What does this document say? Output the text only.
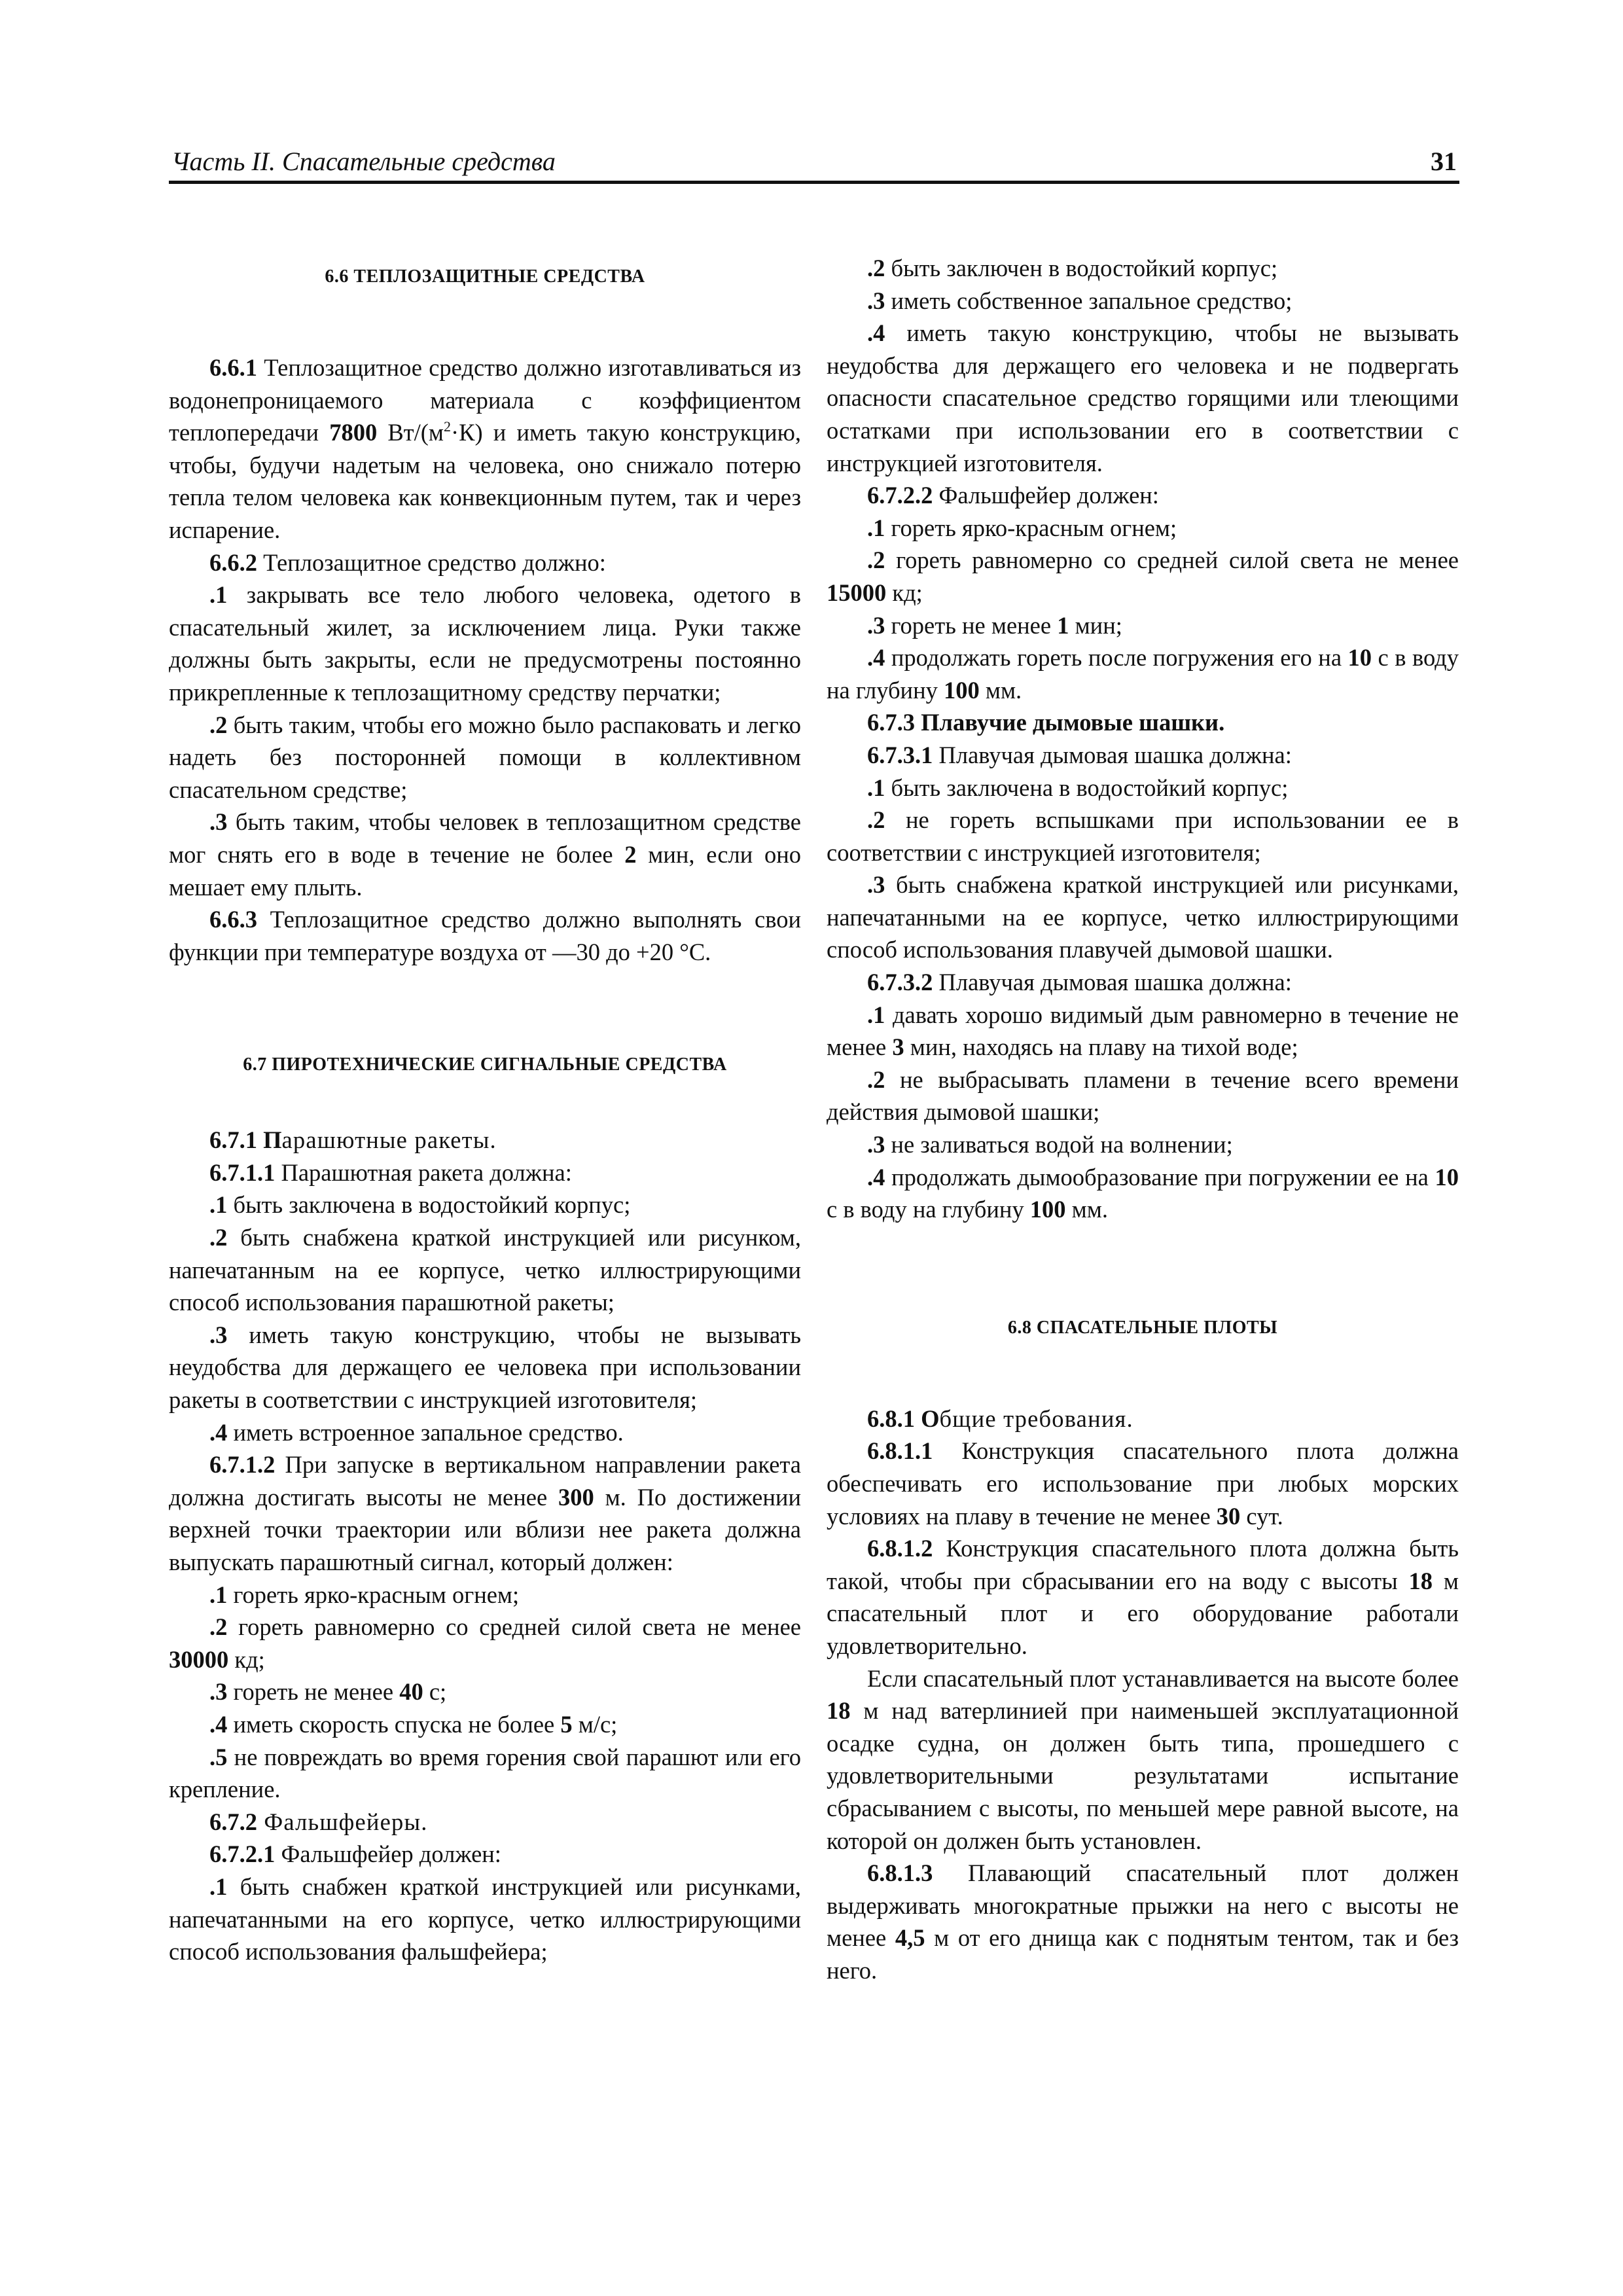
Часть II. Спасательные средства	31
6.6 ТЕПЛОЗАЩИТНЫЕ СРЕДСТВА

6.6.1 Теплозащитное средство должно изготавливаться из водонепроницаемого материала с коэффициентом теплопередачи 7800 $Вт/(м^2\cdot К)$ и иметь такую конструкцию, чтобы, будучи надетым на человека, оно снижало потерю тепла телом человека как конвекционным путем, так и через испарение.

6.6.2 Теплозащитное средство должно:

.1 закрывать все тело любого человека, одетого в спасательный жилет, за исключением лица. Руки также должны быть закрыты, если не предусмотрены постоянно прикрепленные к теплозащитному средству перчатки;

.2 быть таким, чтобы его можно было распаковать и легко надеть без посторонней помощи в коллективном спасательном средстве;

.3 быть таким, чтобы человек в теплозащитном средстве мог снять его в воде в течение не более 2 мин, если оно мешает ему плыть.

6.6.3 Теплозащитное средство должно выполнять свои функции при температуре воздуха от —30 до +20 °С.

6.7 ПИРОТЕХНИЧЕСКИЕ СИГНАЛЬНЫЕ СРЕДСТВА

6.7.1 Парашютные ракеты.

6.7.1.1 Парашютная ракета должна:

.1 быть заключена в водостойкий корпус;

.2 быть снабжена краткой инструкцией или рисунком, напечатанным на ее корпусе, четко иллюстрирующими способ использования парашютной ракеты;

.3 иметь такую конструкцию, чтобы не вызывать неудобства для держащего ее человека при использовании ракеты в соответствии с инструкцией изготовителя;

.4 иметь встроенное запальное средство.

6.7.1.2 При запуске в вертикальном направлении ракета должна достигать высоты не менее 300 м. По достижении верхней точки траектории или вблизи нее ракета должна выпускать парашютный сигнал, который должен:

.1 гореть ярко-красным огнем;

.2 гореть равномерно со средней силой света не менее 30000 кд;

.3 гореть не менее 40 с;

.4 иметь скорость спуска не более 5 м/с;

.5 не повреждать во время горения свой парашют или его крепление.

6.7.2 Фальшфейеры.

6.7.2.1 Фальшфейер должен:

.1 быть снабжен краткой инструкцией или рисунками, напечатанными на его корпусе, четко иллюстрирующими способ использования фальшфейера;

.2 быть заключен в водостойкий корпус;

.3 иметь собственное запальное средство;

.4 иметь такую конструкцию, чтобы не вызывать неудобства для держащего его человека и не подвергать опасности спасательное средство горящими или тлеющими остатками при использовании его в соответствии с инструкцией изготовителя.

6.7.2.2 Фальшфейер должен:

.1 гореть ярко-красным огнем;

.2 гореть равномерно со средней силой света не менее 15000 кд;

.3 гореть не менее 1 мин;

.4 продолжать гореть после погружения его на 10 с в воду на глубину 100 мм.

6.7.3 Плавучие дымовые шашки.

6.7.3.1 Плавучая дымовая шашка должна:

.1 быть заключена в водостойкий корпус;

.2 не гореть вспышками при использовании ее в соответствии с инструкцией изготовителя;

.3 быть снабжена краткой инструкцией или рисунками, напечатанными на ее корпусе, четко иллюстрирующими способ использования плавучей дымовой шашки.

6.7.3.2 Плавучая дымовая шашка должна:

.1 давать хорошо видимый дым равномерно в течение не менее 3 мин, находясь на плаву на тихой воде;

.2 не выбрасывать пламени в течение всего времени действия дымовой шашки;

.3 не заливаться водой на волнении;

.4 продолжать дымообразование при погружении ее на 10 с в воду на глубину 100 мм.

6.8 СПАСАТЕЛЬНЫЕ ПЛОТЫ

6.8.1 Общие требования.

6.8.1.1 Конструкция спасательного плота должна обеспечивать его использование при любых морских условиях на плаву в течение не менее 30 сут.

6.8.1.2 Конструкция спасательного плота должна быть такой, чтобы при сбрасывании его на воду с высоты 18 м спасательный плот и его оборудование работали удовлетворительно.

Если спасательный плот устанавливается на высоте более 18 м над ватерлинией при наименьшей эксплуатационной осадке судна, он должен быть типа, прошедшего с удовлетворительными результатами испытание сбрасыванием с высоты, по меньшей мере равной высоте, на которой он должен быть установлен.

6.8.1.3 Плавающий спасательный плот должен выдерживать многократные прыжки на него с высоты не менее 4,5 м от его днища как с поднятым тентом, так и без него.
